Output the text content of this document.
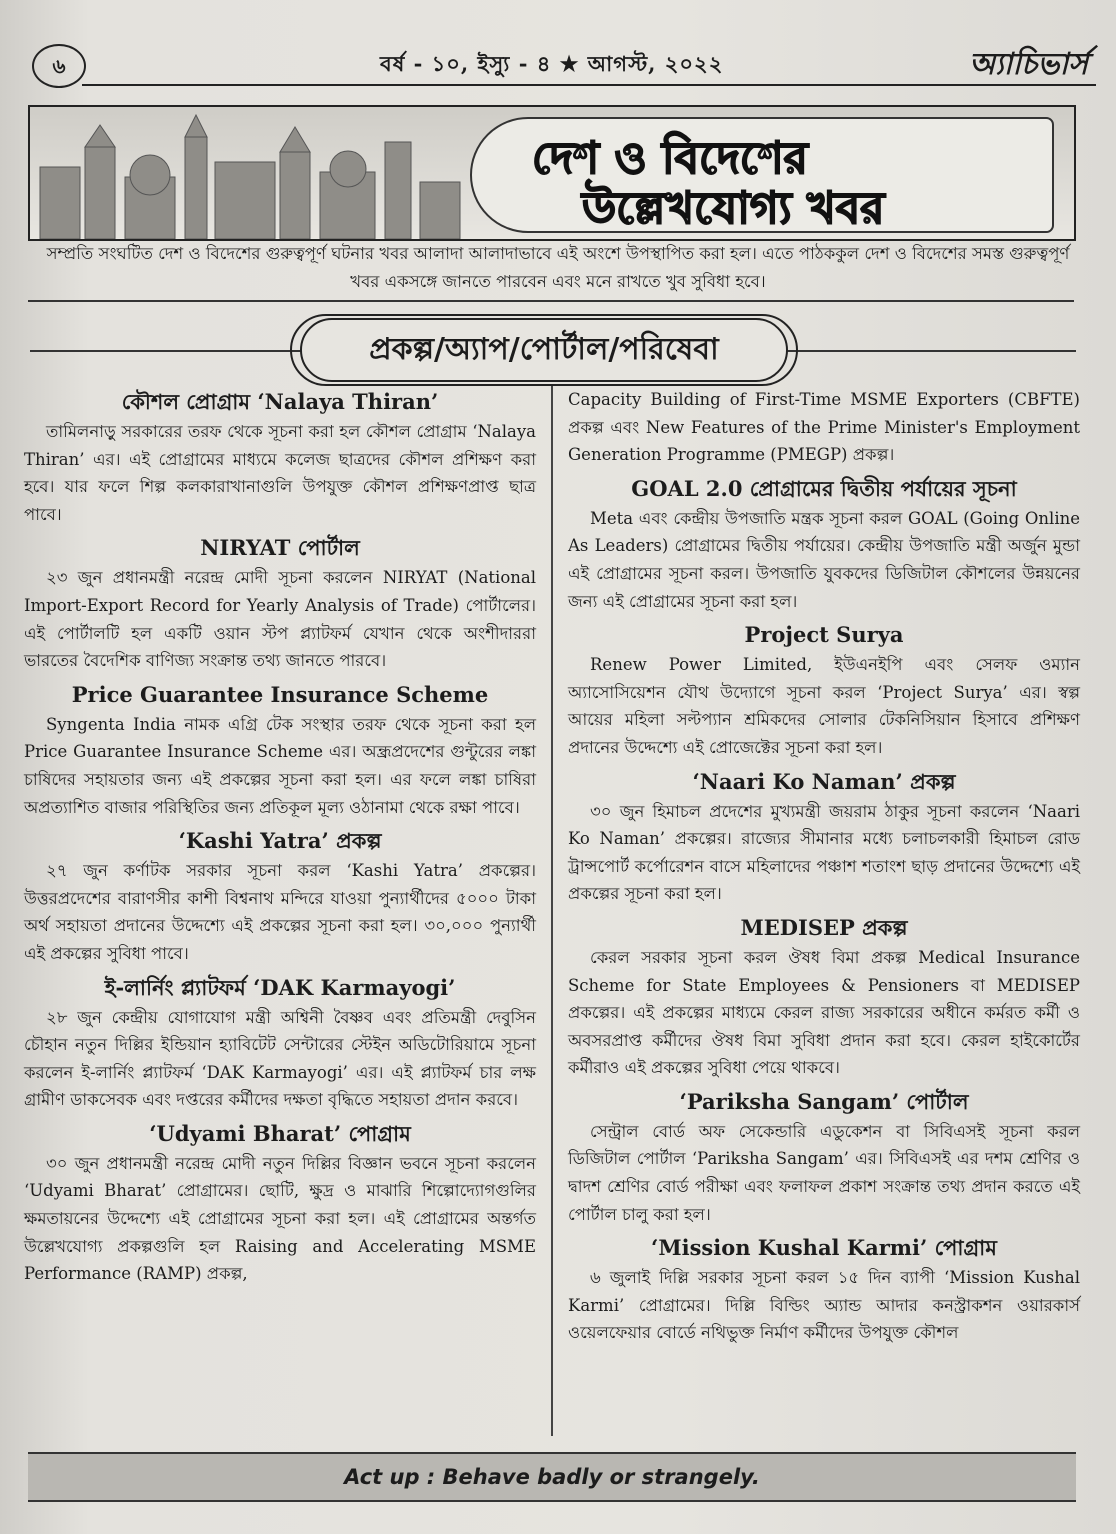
৬	বর্ষ - ১০, ইস্যু - ৪ ★ আগস্ট, ২০২২	অ্যাচিভার্স
দেশ ও বিদেশের
উল্লেখযোগ্য খবর
সম্প্রতি সংঘটিত দেশ ও বিদেশের গুরুত্বপূর্ণ ঘটনার খবর আলাদা আলাদাভাবে এই অংশে উপস্থাপিত করা হল। এতে পাঠককুল দেশ ও বিদেশের সমস্ত গুরুত্বপূর্ণ খবর একসঙ্গে জানতে পারবেন এবং মনে রাখতে খুব সুবিধা হবে।
প্রকল্প/অ্যাপ/পোর্টাল/পরিষেবা
কৌশল প্রোগ্রাম ‘Nalaya Thiran’

তামিলনাড়ু সরকারের তরফ থেকে সূচনা করা হল কৌশল প্রোগ্রাম ‘Nalaya Thiran’ এর। এই প্রোগ্রামের মাধ্যমে কলেজ ছাত্রদের কৌশল প্রশিক্ষণ করা হবে। যার ফলে শিল্প কলকারাখানাগুলি উপযুক্ত কৌশল প্রশিক্ষণপ্রাপ্ত ছাত্র পাবে।

NIRYAT পোর্টাল

২৩ জুন প্রধানমন্ত্রী নরেন্দ্র মোদী সূচনা করলেন NIRYAT (National Import-Export Record for Yearly Analysis of Trade) পোর্টালের। এই পোর্টালটি হল একটি ওয়ান স্টপ প্ল্যাটফর্ম যেখান থেকে অংশীদাররা ভারতের বৈদেশিক বাণিজ্য সংক্রান্ত তথ্য জানতে পারবে।

Price Guarantee Insurance Scheme

Syngenta India নামক এগ্রি টেক সংস্থার তরফ থেকে সূচনা করা হল Price Guarantee Insurance Scheme এর। অন্ধ্রপ্রদেশের গুন্টুরের লঙ্কা চাষিদের সহায়তার জন্য এই প্রকল্পের সূচনা করা হল। এর ফলে লঙ্কা চাষিরা অপ্রত্যাশিত বাজার পরিস্থিতির জন্য প্রতিকূল মূল্য ওঠানামা থেকে রক্ষা পাবে।

‘Kashi Yatra’ প্রকল্প

২৭ জুন কর্ণাটক সরকার সূচনা করল ‘Kashi Yatra’ প্রকল্পের। উত্তরপ্রদেশের বারাণসীর কাশী বিশ্বনাথ মন্দিরে যাওয়া পুন্যার্থীদের ৫০০০ টাকা অর্থ সহায়তা প্রদানের উদ্দেশ্যে এই প্রকল্পের সূচনা করা হল। ৩০,০০০ পুন্যার্থী এই প্রকল্পের সুবিধা পাবে।

ই-লার্নিং প্ল্যাটফর্ম ‘DAK Karmayogi’

২৮ জুন কেন্দ্রীয় যোগাযোগ মন্ত্রী অশ্বিনী বৈষ্ণব এবং প্রতিমন্ত্রী দেবুসিন চৌহান নতুন দিল্লির ইন্ডিয়ান হ্যাবিটেট সেন্টারের স্টেইন অডিটোরিয়ামে সূচনা করলেন ই-লার্নিং প্ল্যাটফর্ম ‘DAK Karmayogi’ এর। এই প্ল্যাটফর্ম চার লক্ষ গ্রামীণ ডাকসেবক এবং দপ্তরের কর্মীদের দক্ষতা বৃদ্ধিতে সহায়তা প্রদান করবে।

‘Udyami Bharat’ পোগ্রাম

৩০ জুন প্রধানমন্ত্রী নরেন্দ্র মোদী নতুন দিল্লির বিজ্ঞান ভবনে সূচনা করলেন ‘Udyami Bharat’ প্রোগ্রামের। ছোটি, ক্ষুদ্র ও মাঝারি শিল্পোদ্যোগগুলির ক্ষমতায়নের উদ্দেশ্যে এই প্রোগ্রামের সূচনা করা হল। এই প্রোগ্রামের অন্তর্গত উল্লেখযোগ্য প্রকল্পগুলি হল Raising and Accelerating MSME Performance (RAMP) প্রকল্প,

Capacity Building of First-Time MSME Exporters (CBFTE) প্রকল্প এবং New Features of the Prime Minister's Employment Generation Programme (PMEGP) প্রকল্প।

GOAL 2.0 প্রোগ্রামের দ্বিতীয় পর্যায়ের সূচনা

Meta এবং কেন্দ্রীয় উপজাতি মন্ত্রক সূচনা করল GOAL (Going Online As Leaders) প্রোগ্রামের দ্বিতীয় পর্যায়ের। কেন্দ্রীয় উপজাতি মন্ত্রী অর্জুন মুন্ডা এই প্রোগ্রামের সূচনা করল। উপজাতি যুবকদের ডিজিটাল কৌশলের উন্নয়নের জন্য এই প্রোগ্রামের সূচনা করা হল।

Project Surya

Renew Power Limited, ইউএনইপি এবং সেলফ ওম্যান অ্যাসোসিয়েশন যৌথ উদ্যোগে সূচনা করল ‘Project Surya’ এর। স্বল্প আয়ের মহিলা সল্টপ্যান শ্রমিকদের সোলার টেকনিসিয়ান হিসাবে প্রশিক্ষণ প্রদানের উদ্দেশ্যে এই প্রোজেক্টের সূচনা করা হল।

‘Naari Ko Naman’ প্রকল্প

৩০ জুন হিমাচল প্রদেশের মুখ্যমন্ত্রী জয়রাম ঠাকুর সূচনা করলেন ‘Naari Ko Naman’ প্রকল্পের। রাজ্যের সীমানার মধ্যে চলাচলকারী হিমাচল রোড ট্রান্সপোর্ট কর্পোরেশন বাসে মহিলাদের পঞ্চাশ শতাংশ ছাড় প্রদানের উদ্দেশ্যে এই প্রকল্পের সূচনা করা হল।

MEDISEP প্রকল্প

কেরল সরকার সূচনা করল ঔষধ বিমা প্রকল্প Medical Insurance Scheme for State Employees & Pensioners বা MEDISEP প্রকল্পের। এই প্রকল্পের মাধ্যমে কেরল রাজ্য সরকারের অধীনে কর্মরত কর্মী ও অবসরপ্রাপ্ত কর্মীদের ঔষধ বিমা সুবিধা প্রদান করা হবে। কেরল হাইকোর্টের কর্মীরাও এই প্রকল্পের সুবিধা পেয়ে থাকবে।

‘Pariksha Sangam’ পোর্টাল

সেন্ট্রাল বোর্ড অফ সেকেন্ডারি এডুকেশন বা সিবিএসই সূচনা করল ডিজিটাল পোর্টাল ‘Pariksha Sangam’ এর। সিবিএসই এর দশম শ্রেণির ও দ্বাদশ শ্রেণির বোর্ড পরীক্ষা এবং ফলাফল প্রকাশ সংক্রান্ত তথ্য প্রদান করতে এই পোর্টাল চালু করা হল।

‘Mission Kushal Karmi’ পোগ্রাম

৬ জুলাই দিল্লি সরকার সূচনা করল ১৫ দিন ব্যাপী ‘Mission Kushal Karmi’ প্রোগ্রামের। দিল্লি বিল্ডিং অ্যান্ড আদার কনস্ট্রাকশন ওয়ারকার্স ওয়েলফেয়ার বোর্ডে নথিভুক্ত নির্মাণ কর্মীদের উপযুক্ত কৌশল

Act up : Behave badly or strangely.
